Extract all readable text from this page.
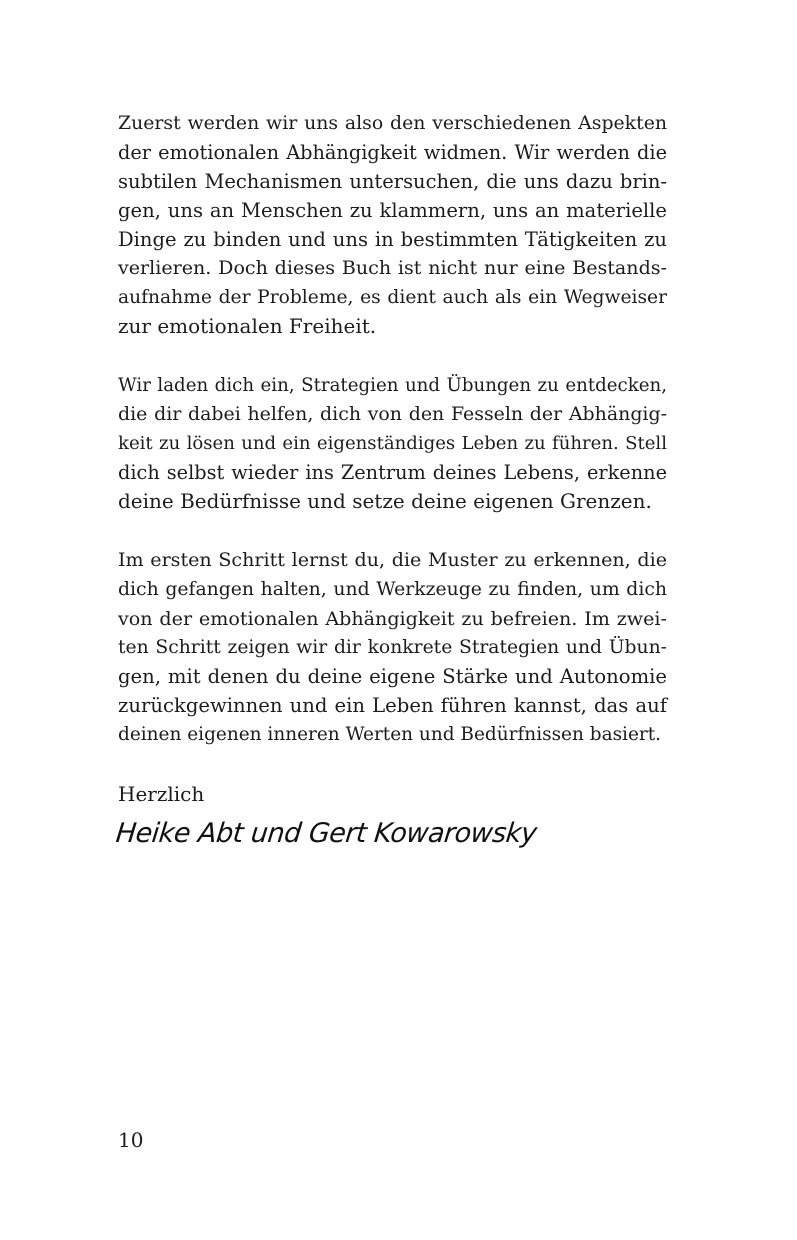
Zuerst werden wir uns also den verschiedenen Aspekten
der emotionalen Abhängigkeit widmen. Wir werden die
subtilen Mechanismen untersuchen, die uns dazu brin-
gen, uns an Menschen zu klammern, uns an materielle
Dinge zu binden und uns in bestimmten Tätigkeiten zu
verlieren. Doch dieses Buch ist nicht nur eine Bestands-
aufnahme der Probleme, es dient auch als ein Wegweiser
zur emotionalen Freiheit.
Wir laden dich ein, Strategien und Übungen zu entdecken,
die dir dabei helfen, dich von den Fesseln der Abhängig-
keit zu lösen und ein eigenständiges Leben zu führen. Stell
dich selbst wieder ins Zentrum deines Lebens, erkenne
deine Bedürfnisse und setze deine eigenen Grenzen.
Im ersten Schritt lernst du, die Muster zu erkennen, die
dich gefangen halten, und Werkzeuge zu finden, um dich
von der emotionalen Abhängigkeit zu befreien. Im zwei-
ten Schritt zeigen wir dir konkrete Strategien und Übun-
gen, mit denen du deine eigene Stärke und Autonomie
zurückgewinnen und ein Leben führen kannst, das auf
deinen eigenen inneren Werten und Bedürfnissen basiert.
Herzlich
Heike Abt und Gert Kowarowsky
10
